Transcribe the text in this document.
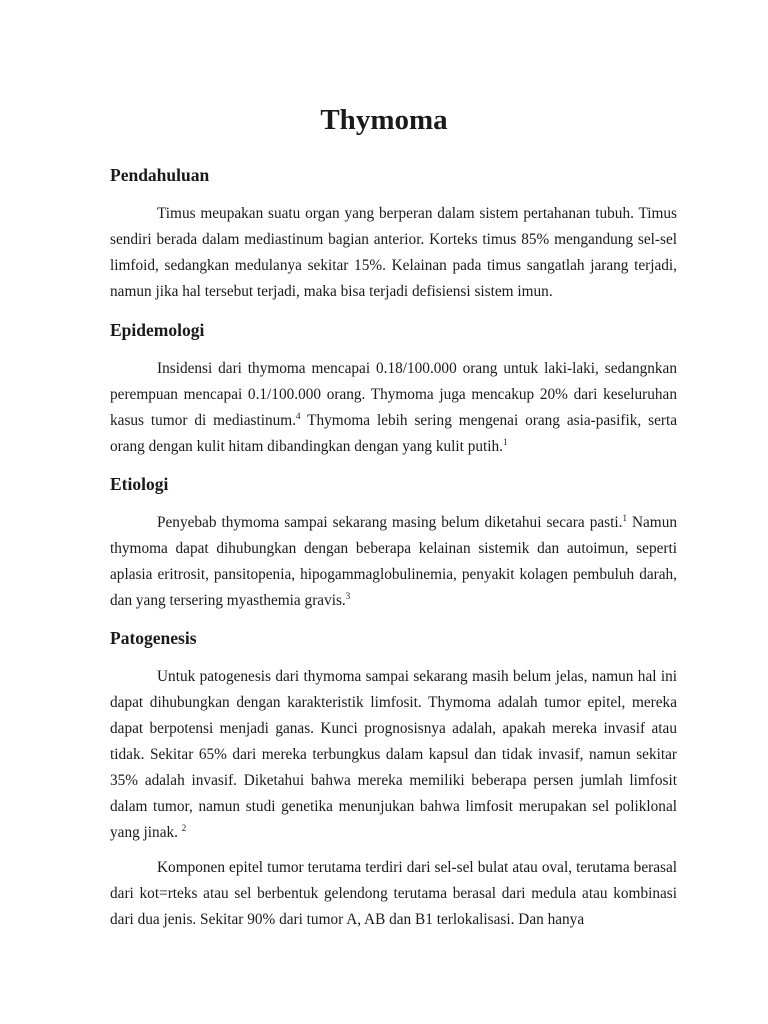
Thymoma
Pendahuluan

Timus meupakan suatu organ yang berperan dalam sistem pertahanan tubuh. Timus sendiri berada dalam mediastinum bagian anterior. Korteks timus 85% mengandung sel-sel limfoid, sedangkan medulanya sekitar 15%. Kelainan pada timus sangatlah jarang terjadi, namun jika hal tersebut terjadi, maka bisa terjadi defisiensi sistem imun.

Epidemologi

Insidensi dari thymoma mencapai 0.18/100.000 orang untuk laki-laki, sedangnkan perempuan mencapai 0.1/100.000 orang. Thymoma juga mencakup 20% dari keseluruhan kasus tumor di mediastinum.$^4$ Thymoma lebih sering mengenai orang asia-pasifik, serta orang dengan kulit hitam dibandingkan dengan yang kulit putih.$^1$

Etiologi

Penyebab thymoma sampai sekarang masing belum diketahui secara pasti.$^1$ Namun thymoma dapat dihubungkan dengan beberapa kelainan sistemik dan autoimun, seperti aplasia eritrosit, pansitopenia, hipogammaglobulinemia, penyakit kolagen pembuluh darah, dan yang tersering myasthemia gravis.$^3$

Patogenesis

Untuk patogenesis dari thymoma sampai sekarang masih belum jelas, namun hal ini dapat dihubungkan dengan karakteristik limfosit. Thymoma adalah tumor epitel, mereka dapat berpotensi menjadi ganas. Kunci prognosisnya adalah, apakah mereka invasif atau tidak. Sekitar 65% dari mereka terbungkus dalam kapsul dan tidak invasif, namun sekitar 35% adalah invasif. Diketahui bahwa mereka memiliki beberapa persen jumlah limfosit dalam tumor, namun studi genetika menunjukan bahwa limfosit merupakan sel poliklonal yang jinak. $^2$

Komponen epitel tumor terutama terdiri dari sel-sel bulat atau oval, terutama berasal dari kot=rteks atau sel berbentuk gelendong terutama berasal dari medula atau kombinasi dari dua jenis. Sekitar 90% dari tumor A, AB dan B1 terlokalisasi. Dan hanya
